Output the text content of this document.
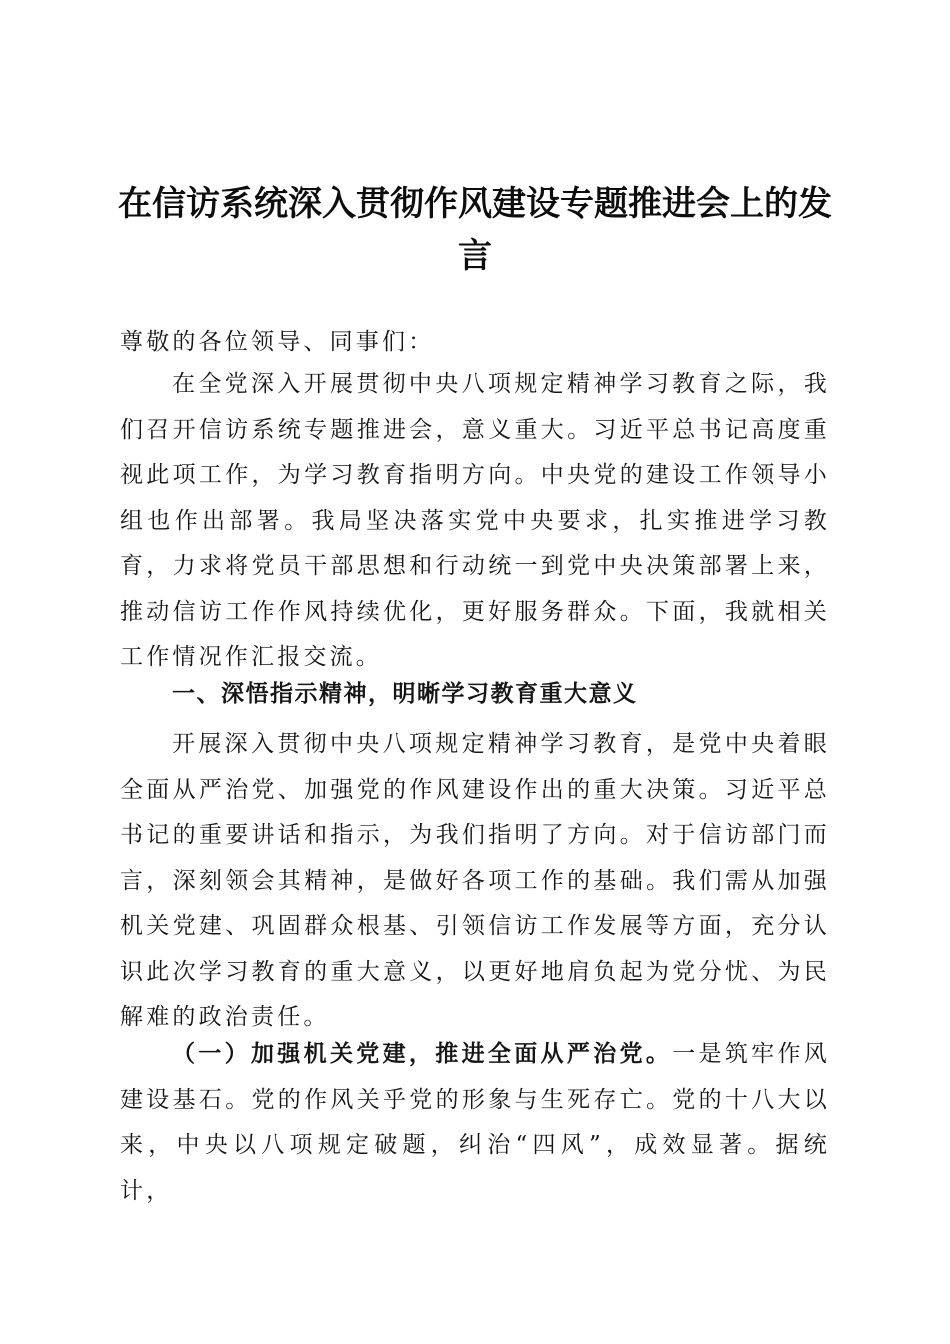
在信访系统深入贯彻作风建设专题推进会上的发言
尊敬的各位领导、同事们：
在全党深入开展贯彻中央八项规定精神学习教育之际，我们召开信访系统专题推进会，意义重大。习近平总书记高度重视此项工作，为学习教育指明方向。中央党的建设工作领导小组也作出部署。我局坚决落实党中央要求，扎实推进学习教育，力求将党员干部思想和行动统一到党中央决策部署上来，推动信访工作作风持续优化，更好服务群众。下面，我就相关工作情况作汇报交流。
一、深悟指示精神，明晰学习教育重大意义
开展深入贯彻中央八项规定精神学习教育，是党中央着眼全面从严治党、加强党的作风建设作出的重大决策。习近平总书记的重要讲话和指示，为我们指明了方向。对于信访部门而言，深刻领会其精神，是做好各项工作的基础。我们需从加强机关党建、巩固群众根基、引领信访工作发展等方面，充分认识此次学习教育的重大意义，以更好地肩负起为党分忧、为民解难的政治责任。
（一）加强机关党建，推进全面从严治党。一是筑牢作风建设基石。党的作风关乎党的形象与生死存亡。党的十八大以来，中央以八项规定破题，纠治“四风”，成效显著。据统计，
